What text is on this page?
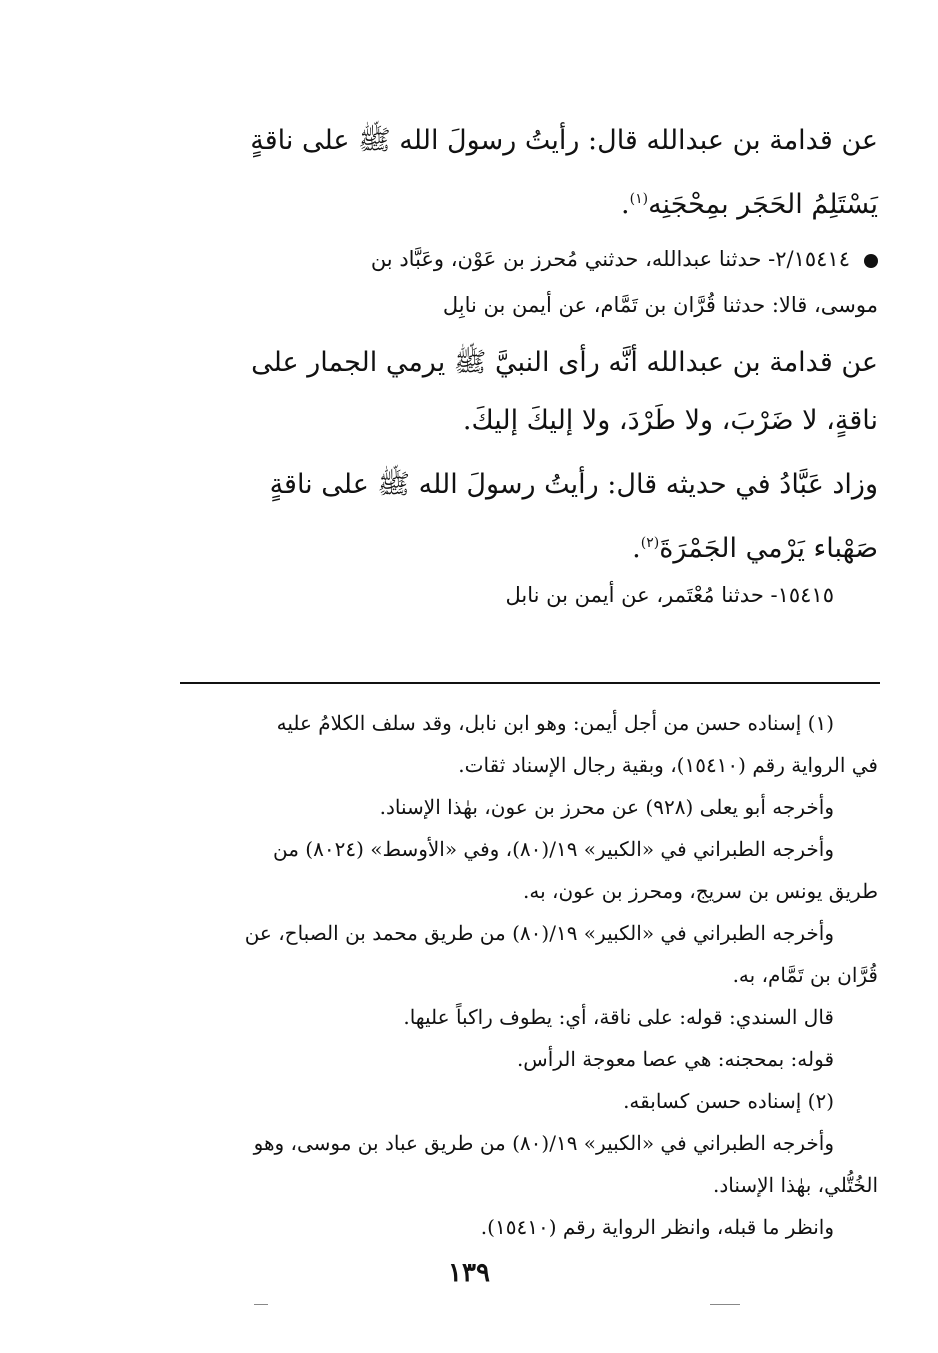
عن قدامة بن عبدالله قال: رأيتُ رسولَ الله ﷺ على ناقةٍ
يَسْتَلِمُ الحَجَر بمِحْجَنِه$^{(١)}$.
٢/١٥٤١٤- حدثنا عبدالله، حدثني مُحرز بن عَوْن، وعَبَّاد بن
موسى، قالا: حدثنا قُرَّان بن تَمَّام، عن أيمن بن نابِل
عن قدامة بن عبدالله أنَّه رأى النبيَّ ﷺ يرمي الجمار على
ناقةٍ، لا ضَرْبَ، ولا طَرْدَ، ولا إليكَ إليكَ.
وزاد عَبَّادُ في حديثه قال: رأيتُ رسولَ الله ﷺ على ناقةٍ
صَهْباء يَرْمي الجَمْرَةَ$^{(٢)}$.
١٥٤١٥- حدثنا مُعْتَمر، عن أيمن بن نابل
(١) إسناده حسن من أجل أيمن: وهو ابن نابل، وقد سلف الكلامُ عليه
في الرواية رقم (١٥٤١٠)، وبقية رجال الإسناد ثقات.
وأخرجه أبو يعلى (٩٢٨) عن محرز بن عون، بهٰذا الإسناد.
وأخرجه الطبراني في «الكبير» ١٩/(٨٠)، وفي «الأوسط» (٨٠٢٤) من
طريق يونس بن سريج، ومحرز بن عون، به.
وأخرجه الطبراني في «الكبير» ١٩/(٨٠) من طريق محمد بن الصباح، عن
قُرَّان بن تَمَّام، به.
قال السندي: قوله: على ناقة، أي: يطوف راكباً عليها.
قوله: بمحجنه: هي عصا معوجة الرأس.
(٢) إسناده حسن كسابقه.
وأخرجه الطبراني في «الكبير» ١٩/(٨٠) من طريق عباد بن موسى، وهو
الخُتُّلي، بهٰذا الإسناد.
وانظر ما قبله، وانظر الرواية رقم (١٥٤١٠).
١٣٩
